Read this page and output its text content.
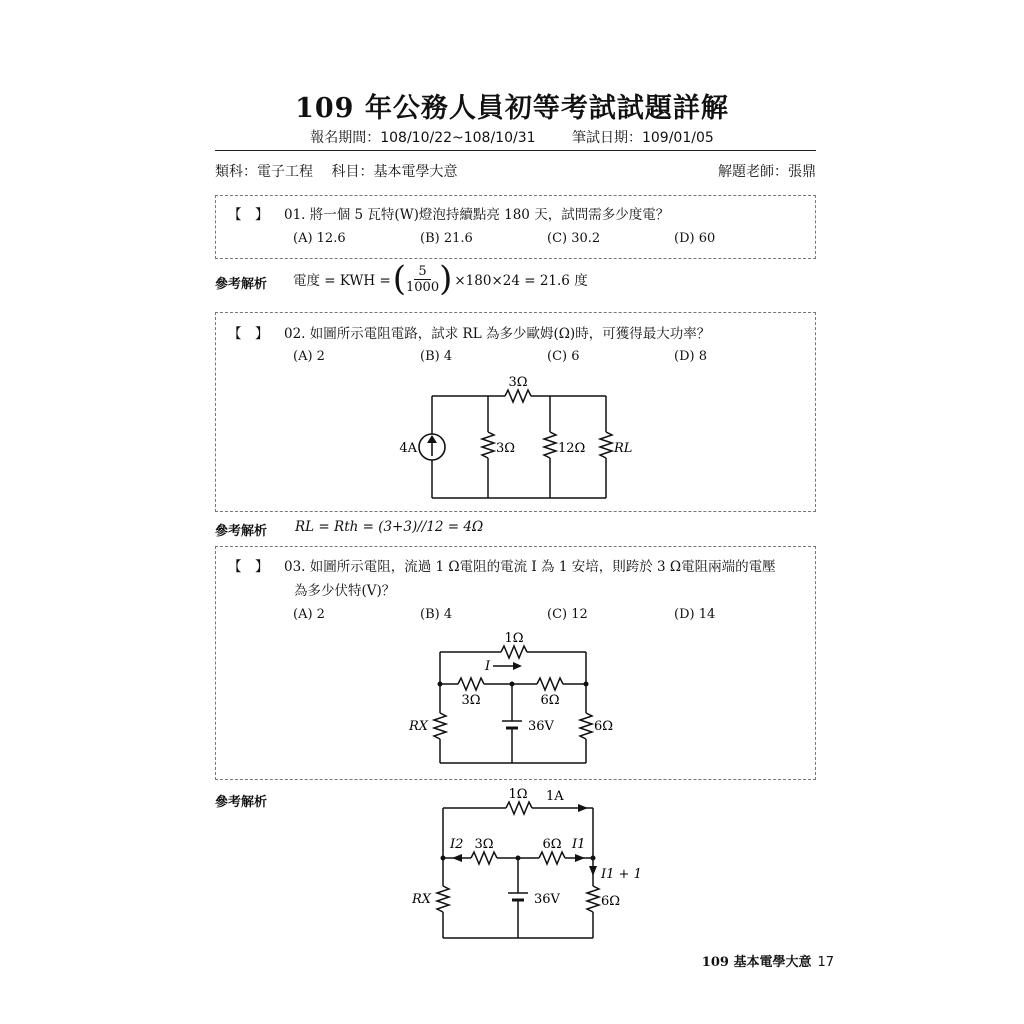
109 年公務人員初等考試試題詳解
報名期間：108/10/22~108/10/31	筆試日期：109/01/05
類科：電子工程 科目：基本電學大意	解題老師：張鼎
【　】 01. 將一個 5 瓦特(W)燈泡持續點亮 180 天，試問需多少度電？
(A) 12.6	(B) 21.6	(C) 30.2	(D) 60
參考解析 電度 = KWH = ( $\frac{5}{1000}$ ) ×180×24 = 21.6 度
【　】 02. 如圖所示電阻電路，試求 RL 為多少歐姆(Ω)時，可獲得最大功率？
(A) 2	(B) 4	(C) 6	(D) 8
3Ω
4A	3Ω	12Ω RL
參考解析 RL = Rth = (3+3)//12 = 4Ω
【　】 03. 如圖所示電阻，流過 1 Ω電阻的電流 I 為 1 安培，則跨於 3 Ω電阻兩端的電壓
為多少伏特(V)？
(A) 2	(B) 4	(C) 12	(D) 14
1Ω
I
3Ω	6Ω
RX	36V	6Ω
參考解析
1Ω 1A
I2 3Ω	6Ω I1
I1 + 1
RX	36V	6Ω
109 基本電學大意 17
